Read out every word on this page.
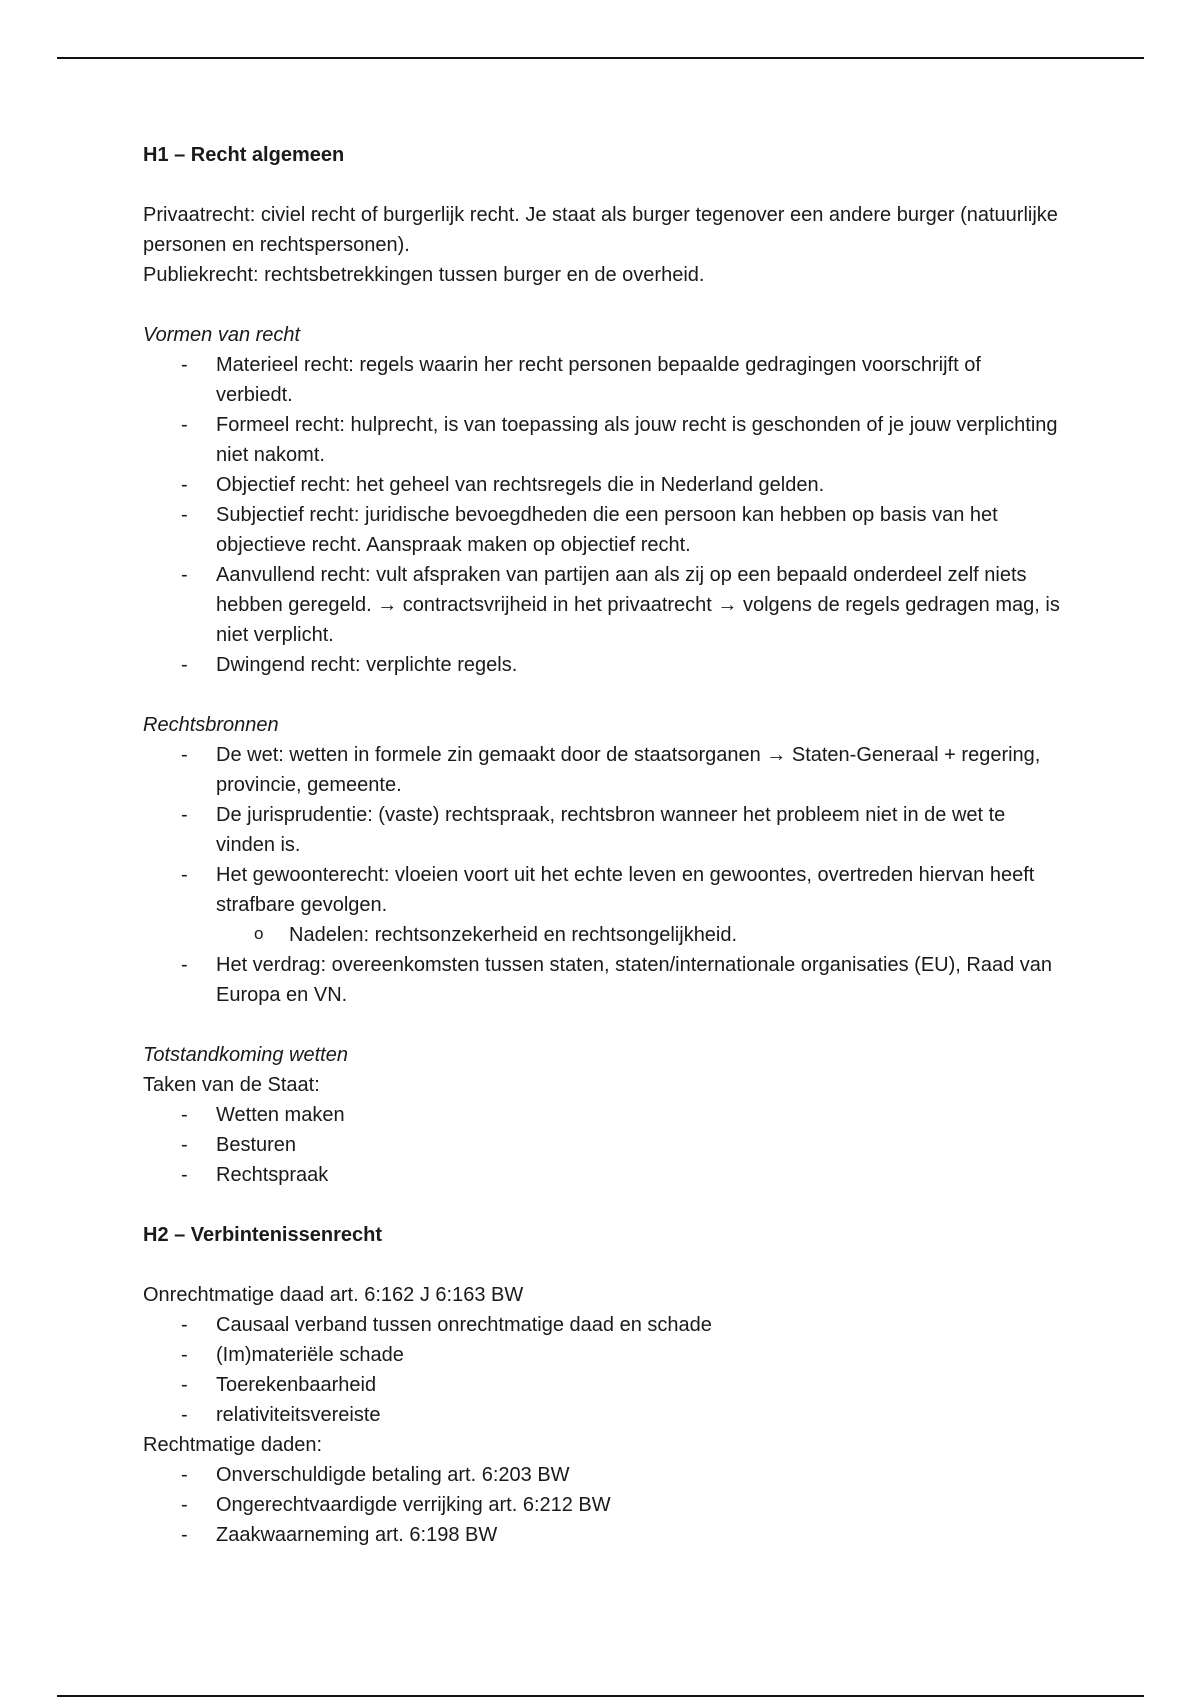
H1 – Recht algemeen
Privaatrecht: civiel recht of burgerlijk recht. Je staat als burger tegenover een andere burger (natuurlijke personen en rechtspersonen).
Publiekrecht: rechtsbetrekkingen tussen burger en de overheid.
Vormen van recht
- Materieel recht: regels waarin her recht personen bepaalde gedragingen voorschrijft of verbiedt.
- Formeel recht: hulprecht, is van toepassing als jouw recht is geschonden of je jouw verplichting niet nakomt.
- Objectief recht: het geheel van rechtsregels die in Nederland gelden.
- Subjectief recht: juridische bevoegdheden die een persoon kan hebben op basis van het objectieve recht. Aanspraak maken op objectief recht.
- Aanvullend recht: vult afspraken van partijen aan als zij op een bepaald onderdeel zelf niets hebben geregeld. → contractsvrijheid in het privaatrecht → volgens de regels gedragen mag, is niet verplicht.
- Dwingend recht: verplichte regels.
Rechtsbronnen
- De wet: wetten in formele zin gemaakt door de staatsorganen → Staten-Generaal + regering, provincie, gemeente.
- De jurisprudentie: (vaste) rechtspraak, rechtsbron wanneer het probleem niet in de wet te vinden is.
- Het gewoonterecht: vloeien voort uit het echte leven en gewoontes, overtreden hiervan heeft strafbare gevolgen.
o Nadelen: rechtsonzekerheid en rechtsongelijkheid.
- Het verdrag: overeenkomsten tussen staten, staten/internationale organisaties (EU), Raad van Europa en VN.
Totstandkoming wetten
Taken van de Staat:
- Wetten maken
- Besturen
- Rechtspraak
H2 – Verbintenissenrecht
Onrechtmatige daad art. 6:162 J 6:163 BW
- Causaal verband tussen onrechtmatige daad en schade
- (Im)materiële schade
- Toerekenbaarheid
- relativiteitsvereiste
Rechtmatige daden:
- Onverschuldigde betaling art. 6:203 BW
- Ongerechtvaardigde verrijking art. 6:212 BW
- Zaakwaarneming art. 6:198 BW
